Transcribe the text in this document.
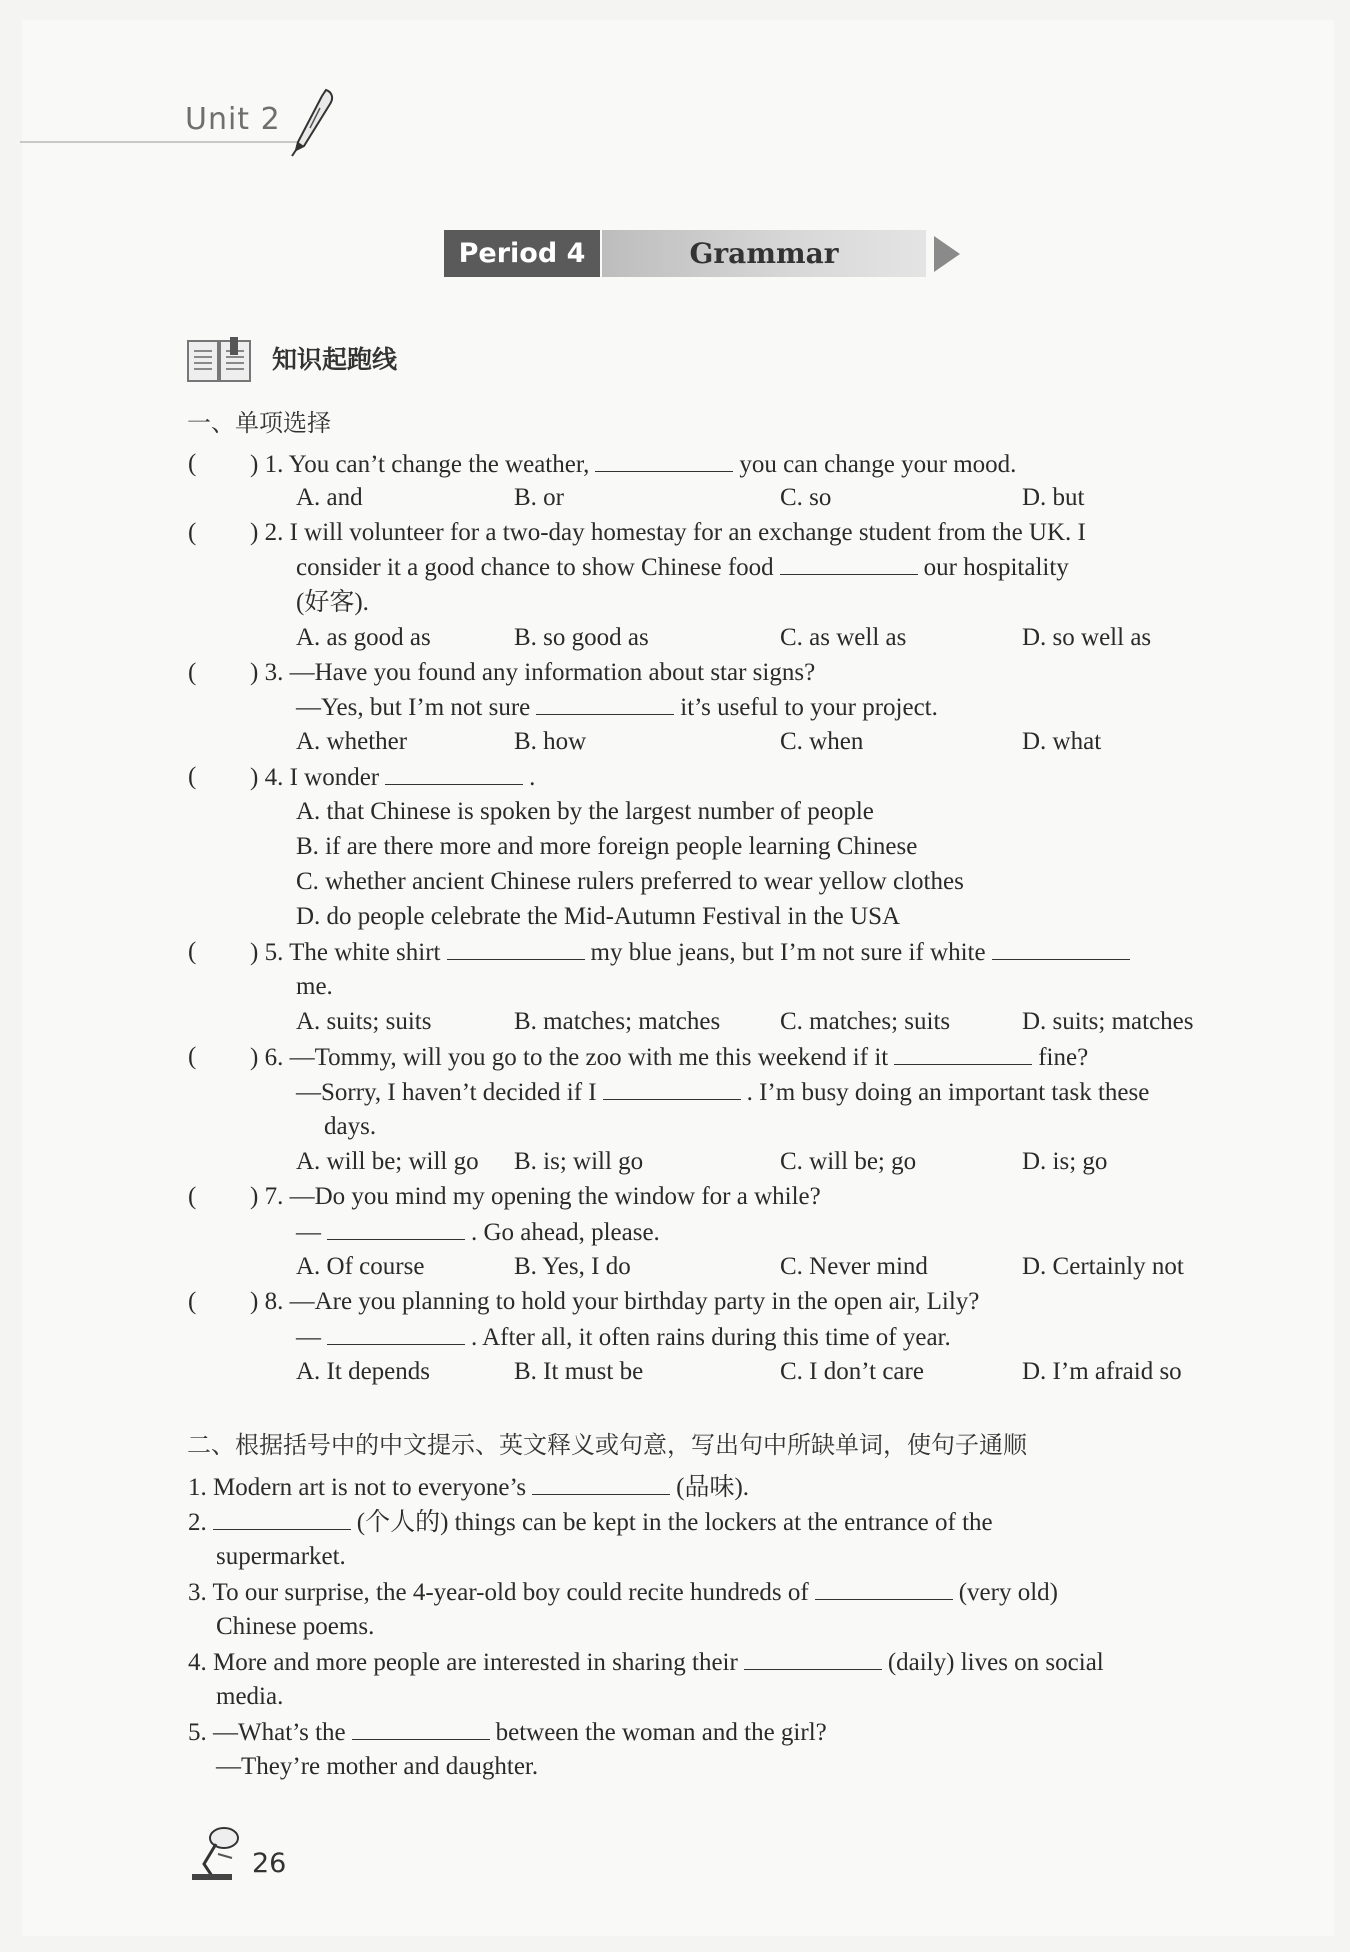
Unit 2
Period 4	Grammar
知识起跑线
一、单项选择
( ) 1. You can’t change the weather,	you can change your mood.
A. and	B. or	C. so	D. but
( ) 2. I will volunteer for a two-day homestay for an exchange student from the UK. I
consider it a good chance to show Chinese food	our hospitality
(好客).
A. as good as	B. so good as	C. as well as	D. so well as
( ) 3. —Have you found any information about star signs?
—Yes, but I’m not sure	it’s useful to your project.
A. whether	B. how	C. when	D. what
( ) 4. I wonder	.
A. that Chinese is spoken by the largest number of people
B. if are there more and more foreign people learning Chinese
C. whether ancient Chinese rulers preferred to wear yellow clothes
D. do people celebrate the Mid-Autumn Festival in the USA
( ) 5. The white shirt	my blue jeans, but I’m not sure if white
me.
A. suits; suits	B. matches; matches C. matches; suits	D. suits; matches
( ) 6. —Tommy, will you go to the zoo with me this weekend if it	fine?
—Sorry, I haven’t decided if I	. I’m busy doing an important task these
days.
A. will be; will go B. is; will go	C. will be; go	D. is; go
( ) 7. —Do you mind my opening the window for a while?
—	. Go ahead, please.
A. Of course	B. Yes, I do	C. Never mind	D. Certainly not
( ) 8. —Are you planning to hold your birthday party in the open air, Lily?
—	. After all, it often rains during this time of year.
A. It depends	B. It must be	C. I don’t care	D. I’m afraid so
二、根据括号中的中文提示、英文释义或句意，写出句中所缺单词，使句子通顺
1. Modern art is not to everyone’s	(品味).
2.	(个人的) things can be kept in the lockers at the entrance of the
supermarket.
3. To our surprise, the 4-year-old boy could recite hundreds of	(very old)
Chinese poems.
4. More and more people are interested in sharing their	(daily) lives on social
media.
5. —What’s the	between the woman and the girl?
—They’re mother and daughter.
26
